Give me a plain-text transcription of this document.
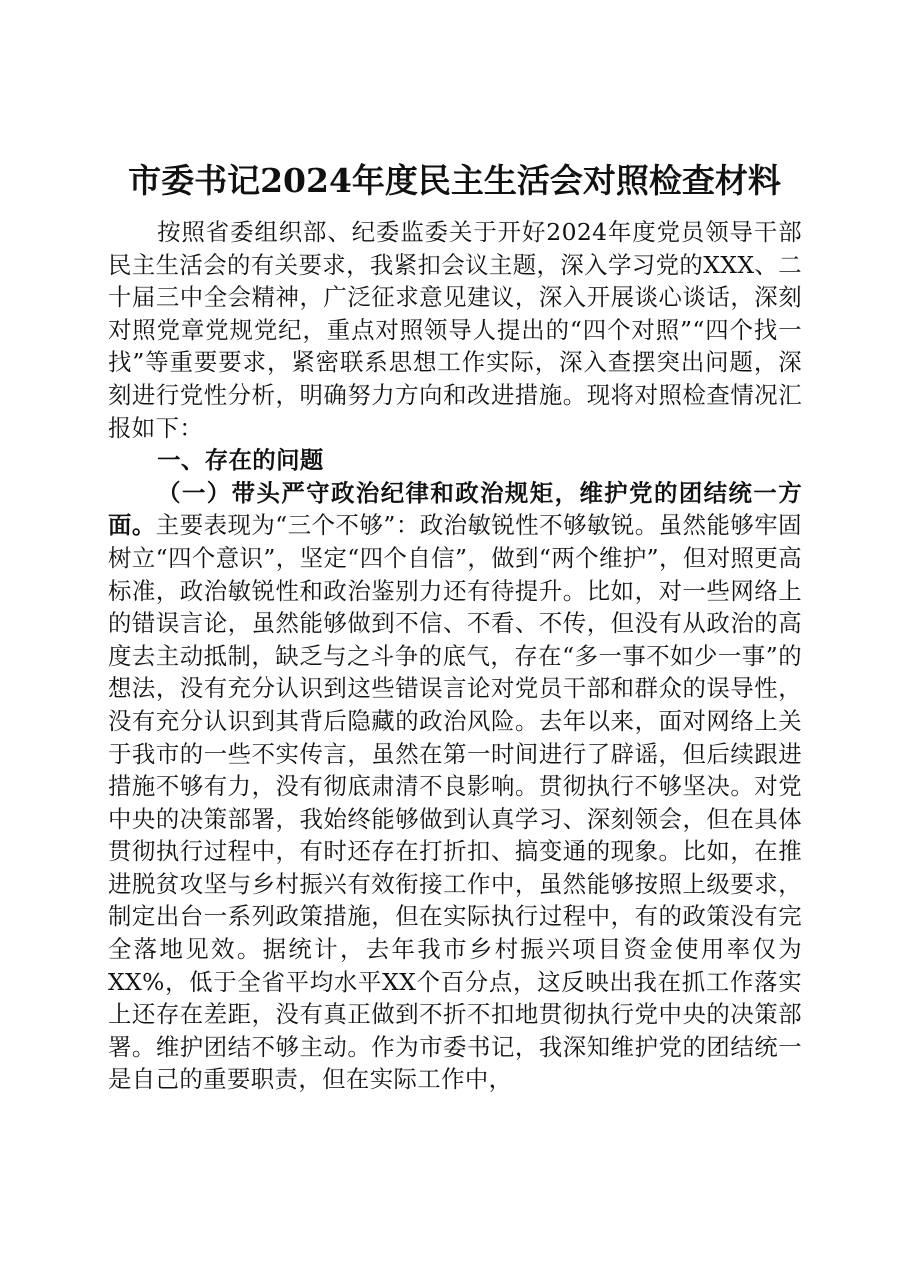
市委书记2024年度民主生活会对照检查材料

按照省委组织部、纪委监委关于开好2024年度党员领导干部民主生活会的有关要求，我紧扣会议主题，深入学习党的XXX、二十届三中全会精神，广泛征求意见建议，深入开展谈心谈话，深刻对照党章党规党纪，重点对照领导人提出的“四个对照”“四个找一找”等重要要求，紧密联系思想工作实际，深入查摆突出问题，深刻进行党性分析，明确努力方向和改进措施。现将对照检查情况汇报如下：

一、存在的问题

（一）带头严守政治纪律和政治规矩，维护党的团结统一方面。主要表现为“三个不够”：政治敏锐性不够敏锐。虽然能够牢固树立“四个意识”，坚定“四个自信”，做到“两个维护”，但对照更高标准，政治敏锐性和政治鉴别力还有待提升。比如，对一些网络上的错误言论，虽然能够做到不信、不看、不传，但没有从政治的高度去主动抵制，缺乏与之斗争的底气，存在“多一事不如少一事”的想法，没有充分认识到这些错误言论对党员干部和群众的误导性，没有充分认识到其背后隐藏的政治风险。去年以来，面对网络上关于我市的一些不实传言，虽然在第一时间进行了辟谣，但后续跟进措施不够有力，没有彻底肃清不良影响。贯彻执行不够坚决。对党中央的决策部署，我始终能够做到认真学习、深刻领会，但在具体贯彻执行过程中，有时还存在打折扣、搞变通的现象。比如，在推进脱贫攻坚与乡村振兴有效衔接工作中，虽然能够按照上级要求，制定出台一系列政策措施，但在实际执行过程中，有的政策没有完全落地见效。据统计，去年我市乡村振兴项目资金使用率仅为XX%，低于全省平均水平XX个百分点，这反映出我在抓工作落实上还存在差距，没有真正做到不折不扣地贯彻执行党中央的决策部署。维护团结不够主动。作为市委书记，我深知维护党的团结统一是自己的重要职责，但在实际工作中，
